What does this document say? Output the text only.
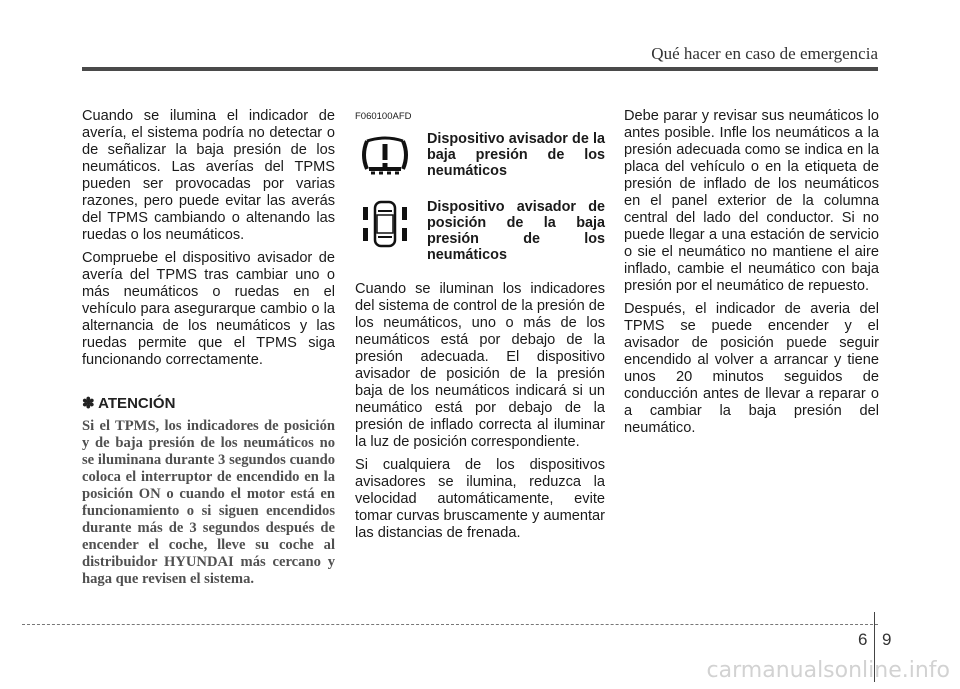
Qué hacer en caso de emergencia

Cuando se ilumina el indicador de avería, el sistema podría no detectar o de señalizar la baja presión de los neumáticos. Las averías del TPMS pueden ser provocadas por varias razones, pero puede evitar las averás del TPMS cambiando o altenando las ruedas o los neumáticos.

Compruebe el dispositivo avisador de avería del TPMS tras cambiar uno o más neumáticos o ruedas en el vehículo para asegurarque cambio o la alternancia de los neumáticos y las ruedas permite que el TPMS siga funcionando correctamente.

✽ ATENCIÓN

Si el TPMS, los indicadores de posición y de baja presión de los neumáticos no se iluminana durante 3 segundos cuando coloca el interruptor de encendido en la posición ON o cuando el motor está en funcionamiento o si siguen encendidos durante más de 3 segundos después de encender el coche, lleve su coche al distribuidor HYUNDAI más cercano y haga que revisen el sistema.

F060100AFD
Dispositivo avisador de la baja presión de los neumáticos
Dispositivo avisador de posición de la baja presión de los neumáticos

Cuando se iluminan los indicadores del sistema de control de la presión de los neumáticos, uno o más de los neumáticos está por debajo de la presión adecuada. El dispositivo avisador de posición de la presión baja de los neumáticos indicará si un neumático está por debajo de la presión de inflado correcta al iluminar la luz de posición correspondiente.

Si cualquiera de los dispositivos avisadores se ilumina, reduzca la velocidad automáticamente, evite tomar curvas bruscamente y aumentar las distancias de frenada.

Debe parar y revisar sus neumáticos lo antes posible. Infle los neumáticos a la presión adecuada como se indica en la placa del vehículo o en la etiqueta de presión de inflado de los neumáticos en el panel exterior de la columna central del lado del conductor. Si no puede llegar a una estación de servicio o sie el neumático no mantiene el aire inflado, cambie el neumático con baja presión por el neumático de repuesto.

Después, el indicador de averia del TPMS se puede encender y el avisador de posición puede seguir encendido al volver a arrancar y tiene unos 20 minutos seguidos de conducción antes de llevar a reparar o a cambiar la baja presión del neumático.

6 9
carmanualsonline.info
